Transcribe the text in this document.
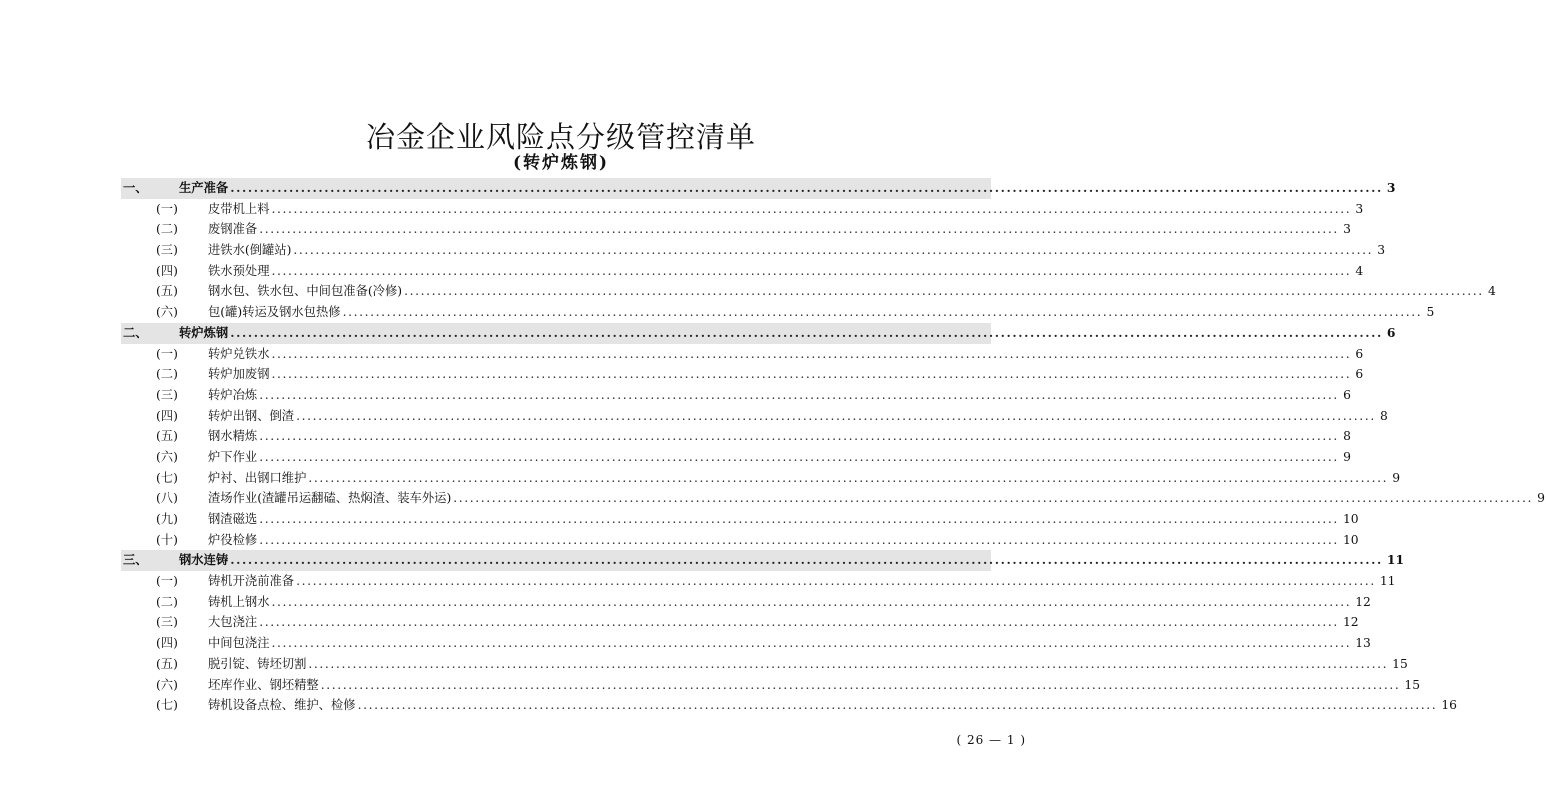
冶金企业风险点分级管控清单
(转炉炼钢)
一、	生产准备 .................................................................................................................................................................................................... 3
(一) 皮带机上料 .................................................................................................................................................................................................... 3
(二) 废钢准备 .................................................................................................................................................................................................... 3
(三) 进铁水(倒罐站) .................................................................................................................................................................................................... 3
(四) 铁水预处理 .................................................................................................................................................................................................... 4
(五) 钢水包、铁水包、中间包准备(冷修) .................................................................................................................................................................................................... 4
(六) 包(罐)转运及钢水包热修 .................................................................................................................................................................................................... 5
二、	转炉炼钢 .................................................................................................................................................................................................... 6
(一) 转炉兑铁水 .................................................................................................................................................................................................... 6
(二) 转炉加废钢 .................................................................................................................................................................................................... 6
(三) 转炉冶炼 .................................................................................................................................................................................................... 6
(四) 转炉出钢、倒渣 .................................................................................................................................................................................................... 8
(五) 钢水精炼 .................................................................................................................................................................................................... 8
(六) 炉下作业 .................................................................................................................................................................................................... 9
(七) 炉衬、出钢口维护 .................................................................................................................................................................................................... 9
(八) 渣场作业(渣罐吊运翻磕、热焖渣、装车外运) .................................................................................................................................................................................................... 9
(九) 钢渣磁选 .................................................................................................................................................................................................... 10
(十) 炉役检修 .................................................................................................................................................................................................... 10
三、	钢水连铸 .................................................................................................................................................................................................... 11
(一) 铸机开浇前准备 .................................................................................................................................................................................................... 11
(二) 铸机上钢水 .................................................................................................................................................................................................... 12
(三) 大包浇注 .................................................................................................................................................................................................... 12
(四) 中间包浇注 .................................................................................................................................................................................................... 13
(五) 脱引锭、铸坯切割 .................................................................................................................................................................................................... 15
(六) 坯库作业、钢坯精整 .................................................................................................................................................................................................... 15
(七) 铸机设备点检、维护、检修 .................................................................................................................................................................................................... 16
( 26 — 1 )
